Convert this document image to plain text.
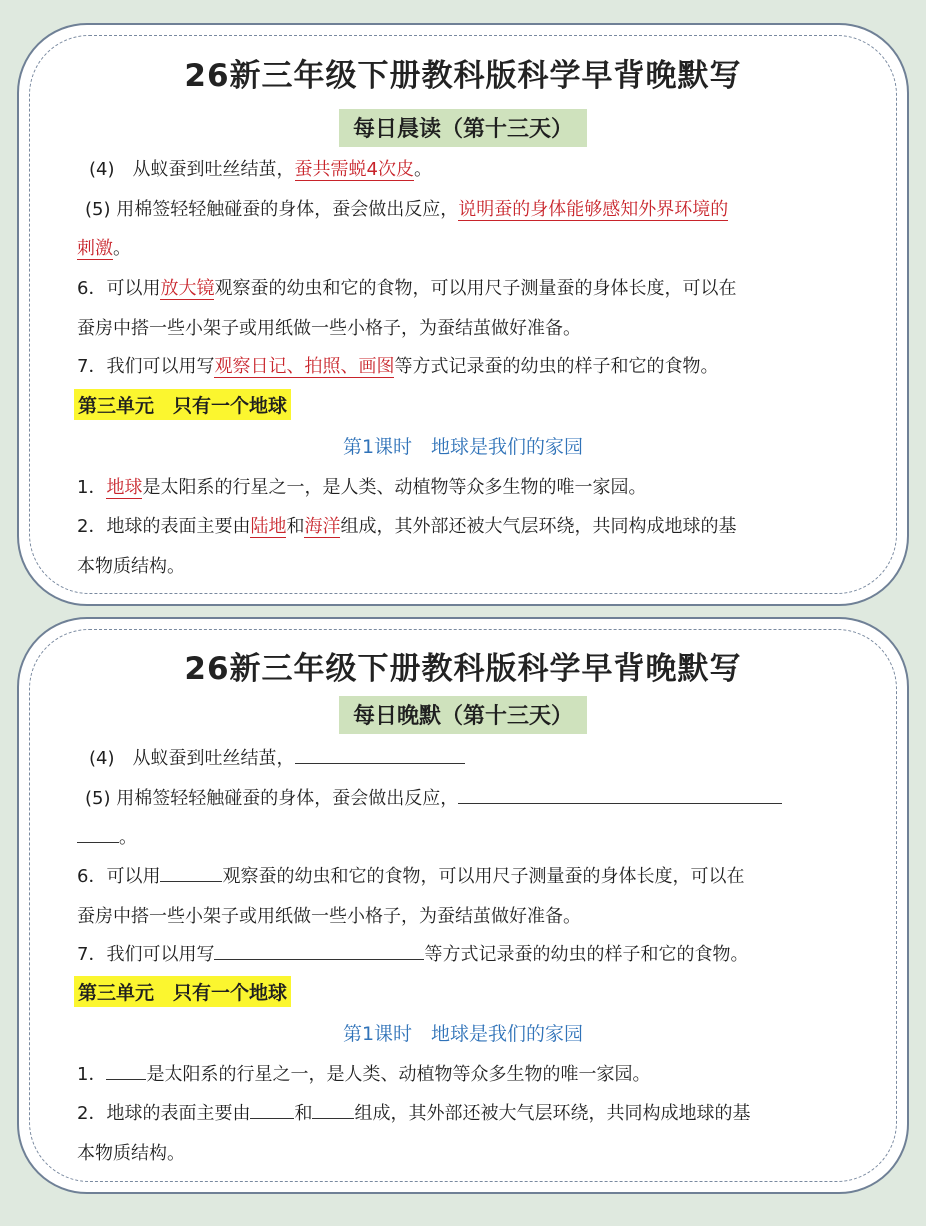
26新三年级下册教科版科学早背晚默写
每日晨读（第十三天）
(4)　从蚁蚕到吐丝结茧，蚕共需蜕4次皮。
(5) 用棉签轻轻触碰蚕的身体，蚕会做出反应，说明蚕的身体能够感知外界环境的
刺激。
6．可以用放大镜观察蚕的幼虫和它的食物，可以用尺子测量蚕的身体长度，可以在
蚕房中搭一些小架子或用纸做一些小格子，为蚕结茧做好准备。
7．我们可以用写观察日记、拍照、画图等方式记录蚕的幼虫的样子和它的食物。
第三单元　只有一个地球
第1课时　地球是我们的家园
1．地球是太阳系的行星之一，是人类、动植物等众多生物的唯一家园。
2．地球的表面主要由陆地和海洋组成，其外部还被大气层环绕，共同构成地球的基
本物质结构。
26新三年级下册教科版科学早背晚默写
每日晚默（第十三天）
(4)　从蚁蚕到吐丝结茧，
(5) 用棉签轻轻触碰蚕的身体，蚕会做出反应，
。
6．可以用	观察蚕的幼虫和它的食物，可以用尺子测量蚕的身体长度，可以在
蚕房中搭一些小架子或用纸做一些小格子，为蚕结茧做好准备。
7．我们可以用写	等方式记录蚕的幼虫的样子和它的食物。
第三单元　只有一个地球
第1课时　地球是我们的家园
1． 是太阳系的行星之一，是人类、动植物等众多生物的唯一家园。
2．地球的表面主要由 和 组成，其外部还被大气层环绕，共同构成地球的基
本物质结构。
